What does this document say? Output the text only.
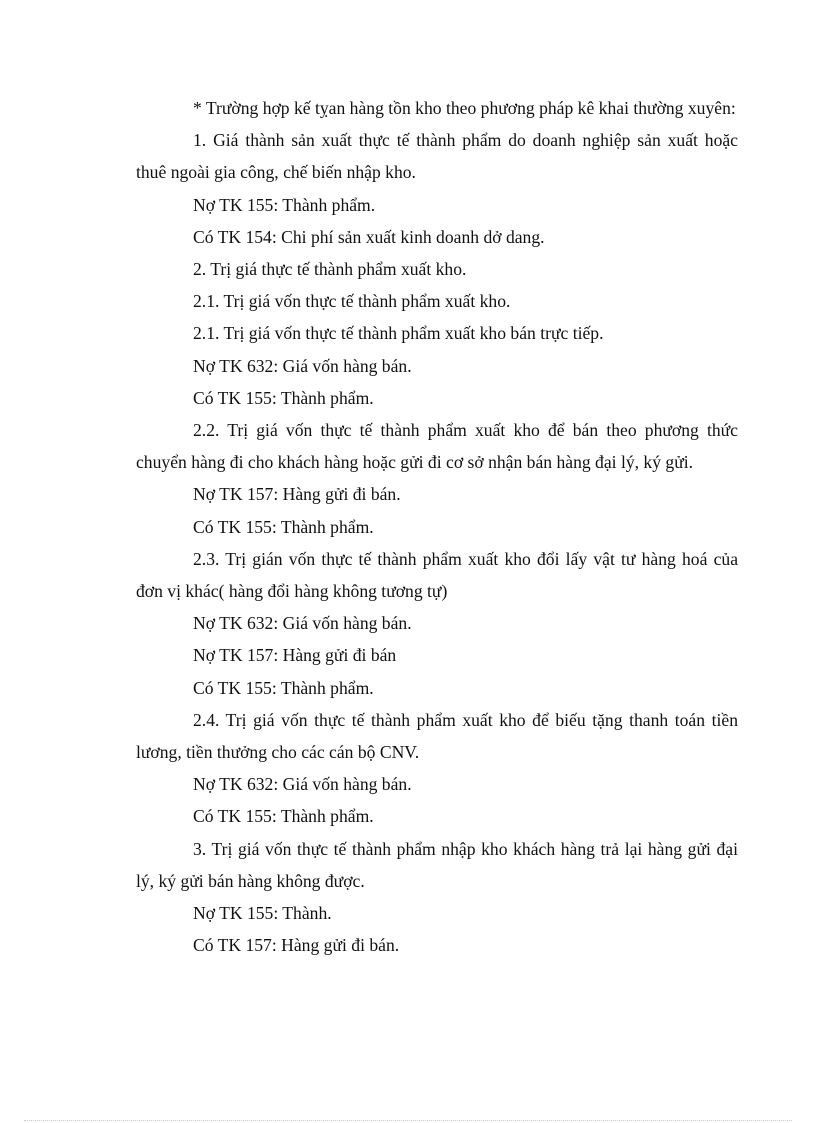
* Trường hợp kế tỵan hàng tồn kho theo phương pháp kê khai thường xuyên:

1. Giá thành sản xuất thực tế thành phẩm do doanh nghiệp sản xuất hoặc thuê ngoài gia công, chế biến nhập kho.

Nợ TK 155: Thành phẩm.

Có TK 154: Chi phí sản xuất kinh doanh dở dang.

2. Trị giá thực tế thành phẩm xuất kho.

2.1. Trị giá vốn thực tế thành phẩm xuất kho.

2.1. Trị giá vốn thực tế thành phẩm xuất kho bán trực tiếp.

Nợ TK 632: Giá vốn hàng bán.

Có TK 155: Thành phẩm.

2.2. Trị giá vốn thực tế thành phẩm xuất kho để bán theo phương thức chuyển hàng đi cho khách hàng hoặc gửi đi cơ sở nhận bán hàng đại lý, ký gửi.

Nợ TK 157: Hàng gửi đi bán.

Có TK 155: Thành phẩm.

2.3. Trị gián vốn thực tế thành phẩm xuất kho đổi lấy vật tư hàng hoá của đơn vị khác( hàng đổi hàng không tương tự)

Nợ TK 632: Giá vốn hàng bán.

Nợ TK 157: Hàng gửi đi bán

Có TK 155: Thành phẩm.

2.4. Trị giá vốn thực tế thành phẩm xuất kho để biếu tặng thanh toán tiền lương, tiền thưởng cho các cán bộ CNV.

Nợ TK 632: Giá vốn hàng bán.

Có TK 155: Thành phẩm.

3. Trị giá vốn thực tế thành phẩm nhập kho khách hàng trả lại hàng gửi đại lý, ký gửi bán hàng không được.

Nợ TK 155: Thành.

Có TK 157: Hàng gửi đi bán.
